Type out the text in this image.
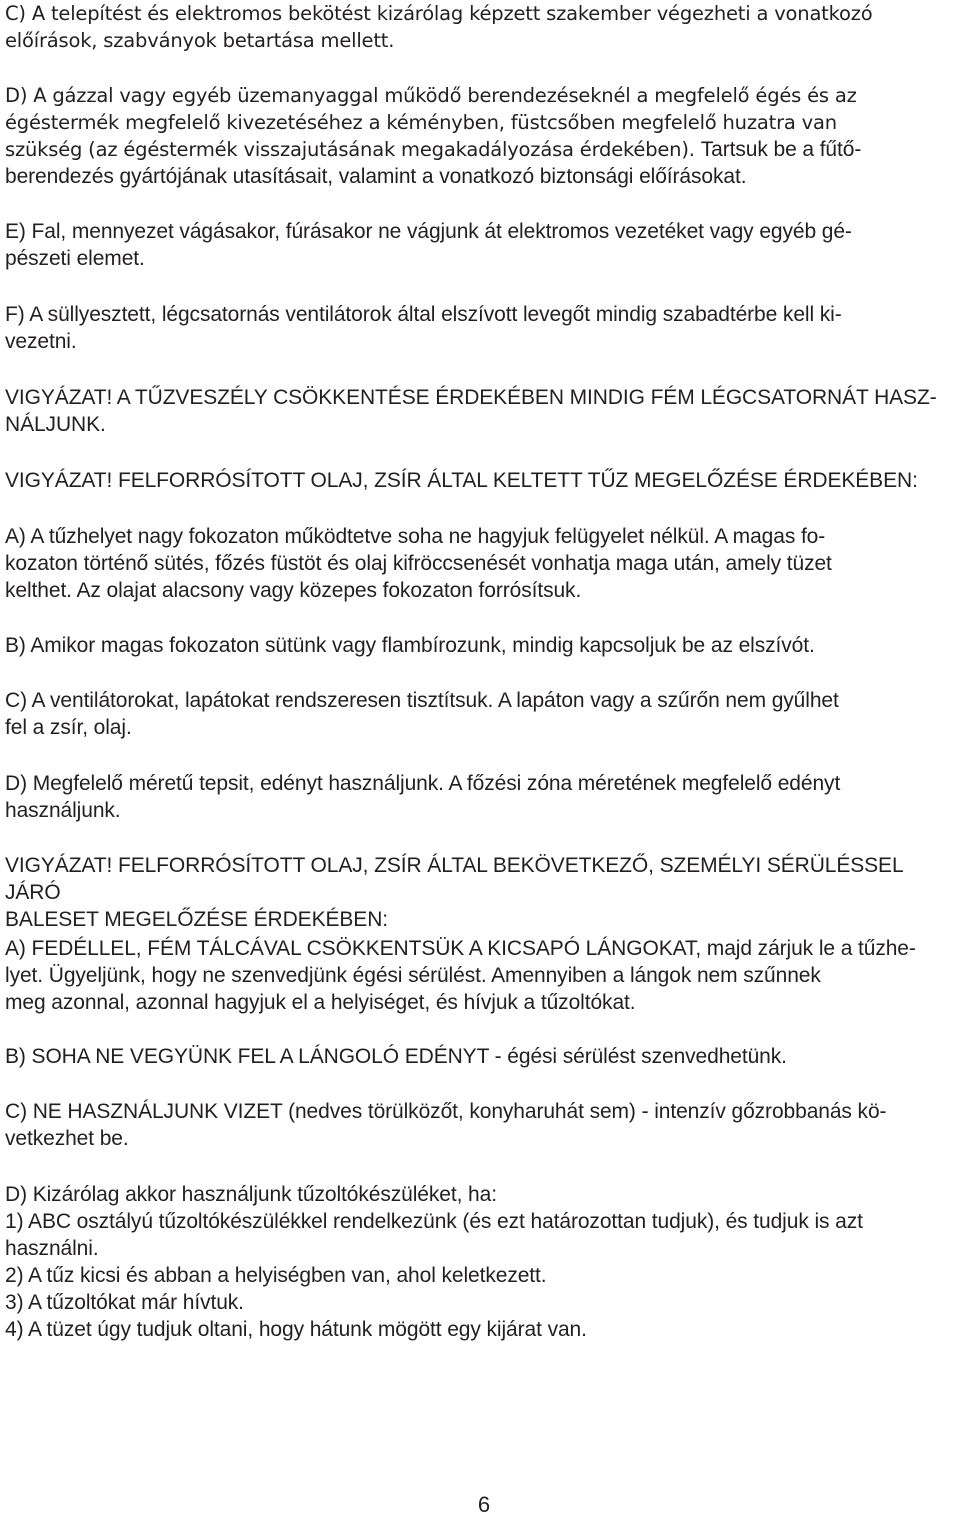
C) A telepítést és elektromos bekötést kizárólag képzett szakember végezheti a vonatkozó
előírások, szabványok betartása mellett.

D) A gázzal vagy egyéb üzemanyaggal működő berendezéseknél a megfelelő égés és az
égéstermék megfelelő kivezetéséhez a kéményben, füstcsőben megfelelő huzatra van
szükség (az égéstermék visszajutásának megakadályozása érdekében). Tartsuk be a fűtő-
berendezés gyártójának utasításait, valamint a vonatkozó biztonsági előírásokat.

E) Fal, mennyezet vágásakor, fúrásakor ne vágjunk át elektromos vezetéket vagy egyéb gé-
pészeti elemet.

F) A süllyesztett, légcsatornás ventilátorok által elszívott levegőt mindig szabadtérbe kell ki-
vezetni.

VIGYÁZAT! A TŰZVESZÉLY CSÖKKENTÉSE ÉRDEKÉBEN MINDIG FÉM LÉGCSATORNÁT HASZ-
NÁLJUNK.

VIGYÁZAT! FELFORRÓSÍTOTT OLAJ, ZSÍR ÁLTAL KELTETT TŰZ MEGELŐZÉSE ÉRDEKÉBEN:

A) A tűzhelyet nagy fokozaton működtetve soha ne hagyjuk felügyelet nélkül. A magas fo-
kozaton történő sütés, főzés füstöt és olaj kifröccsenését vonhatja maga után, amely tüzet
kelthet. Az olajat alacsony vagy közepes fokozaton forrósítsuk.

B) Amikor magas fokozaton sütünk vagy flambírozunk, mindig kapcsoljuk be az elszívót.

C) A ventilátorokat, lapátokat rendszeresen tisztítsuk. A lapáton vagy a szűrőn nem gyűlhet
fel a zsír, olaj.

D) Megfelelő méretű tepsit, edényt használjunk. A főzési zóna méretének megfelelő edényt
használjunk.

VIGYÁZAT! FELFORRÓSÍTOTT OLAJ, ZSÍR ÁLTAL BEKÖVETKEZŐ, SZEMÉLYI SÉRÜLÉSSEL JÁRÓ
BALESET MEGELŐZÉSE ÉRDEKÉBEN:

A) FEDÉLLEL, FÉM TÁLCÁVAL CSÖKKENTSÜK A KICSAPÓ LÁNGOKAT, majd zárjuk le a tűzhe-
lyet. Ügyeljünk, hogy ne szenvedjünk égési sérülést. Amennyiben a lángok nem szűnnek
meg azonnal, azonnal hagyjuk el a helyiséget, és hívjuk a tűzoltókat.

B) SOHA NE VEGYÜNK FEL A LÁNGOLÓ EDÉNYT - égési sérülést szenvedhetünk.

C) NE HASZNÁLJUNK VIZET (nedves törülközőt, konyharuhát sem) - intenzív gőzrobbanás kö-
vetkezhet be.

D) Kizárólag akkor használjunk tűzoltókészüléket, ha:
1) ABC osztályú tűzoltókészülékkel rendelkezünk (és ezt határozottan tudjuk), és tudjuk is azt
használni.
2) A tűz kicsi és abban a helyiségben van, ahol keletkezett.
3) A tűzoltókat már hívtuk.
4) A tüzet úgy tudjuk oltani, hogy hátunk mögött egy kijárat van.
6
